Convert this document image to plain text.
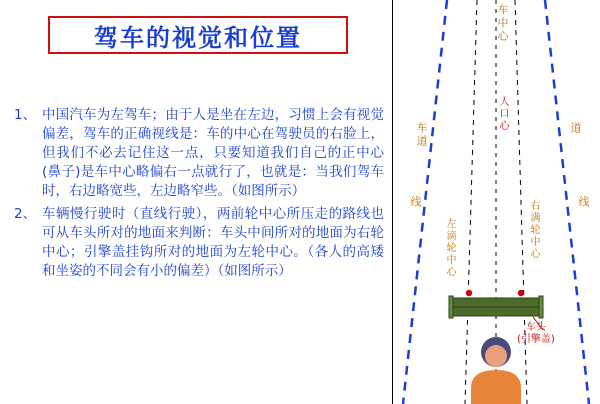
驾车的视觉和位置
1、 中国汽车为左驾车；由于人是坐在左边，习惯上会有视觉偏差，驾车的正确视线是：车的中心在驾驶员的右脸上，但我们不必去记住这一点，只要知道我们自己的正中心(鼻子)是车中心略偏右一点就行了，也就是：当我们驾车时，右边略宽些，左边略窄些。（如图所示）
2、 车辆慢行驶时（直线行驶），两前轮中心所压走的路线也可从车头所对的地面来判断：车头中间所对的地面为右轮中心；引擎盖挂钩所对的地面为左轮中心。（各人的高矮和坐姿的不同会有小的偏差）（如图所示）
车中心
人口心
车道
线
道
线
左滴轮中心	右满轮中心
车头
(引擎盖)
